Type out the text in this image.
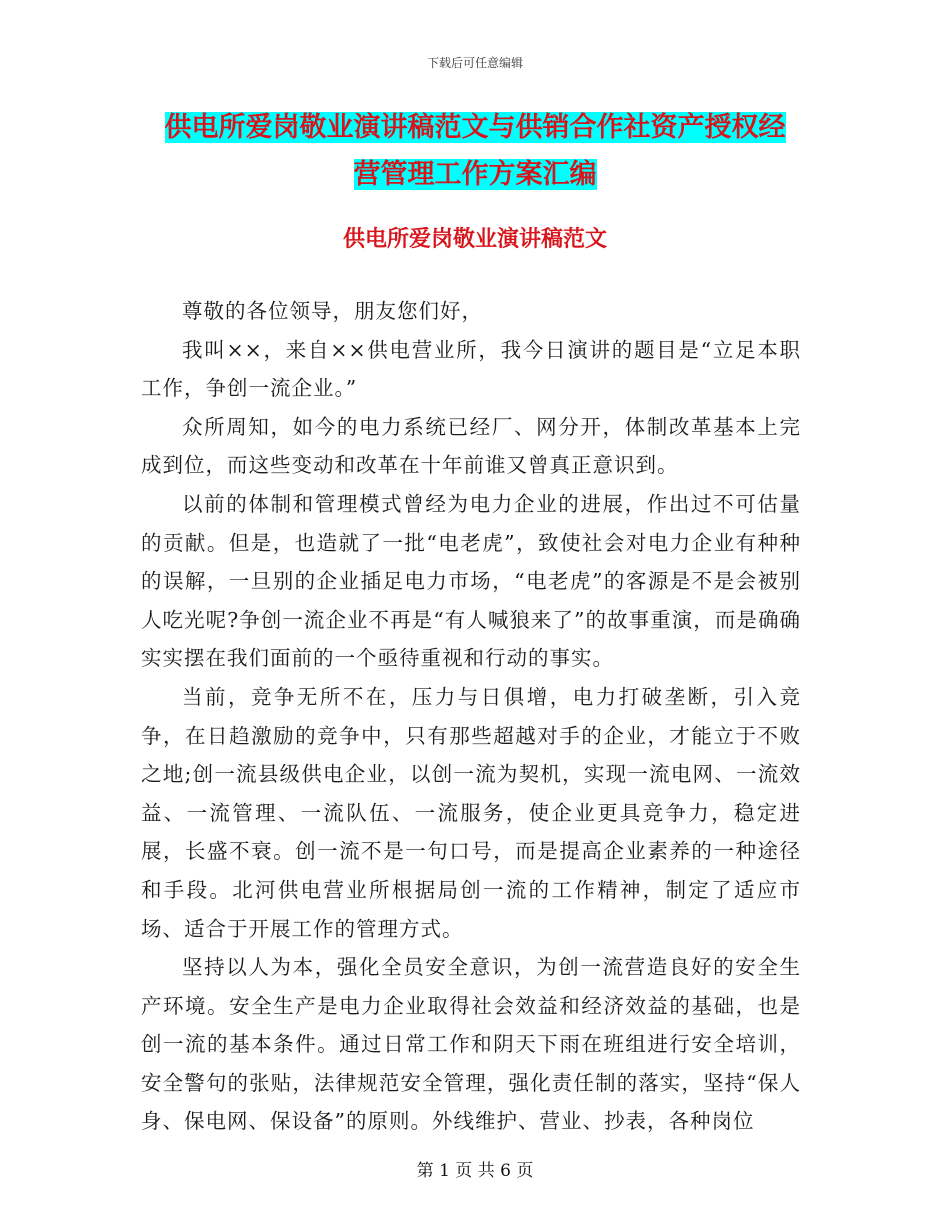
下载后可任意编辑
供电所爱岗敬业演讲稿范文与供销合作社资产授权经
营管理工作方案汇编
供电所爱岗敬业演讲稿范文

尊敬的各位领导，朋友您们好，

我叫××，来自××供电营业所，我今日演讲的题目是“立足本职工作，争创一流企业。”

众所周知，如今的电力系统已经厂、网分开，体制改革基本上完成到位，而这些变动和改革在十年前谁又曾真正意识到。

以前的体制和管理模式曾经为电力企业的进展，作出过不可估量的贡献。但是，也造就了一批“电老虎”，致使社会对电力企业有种种的误解，一旦别的企业插足电力市场，“电老虎”的客源是不是会被别人吃光呢?争创一流企业不再是“有人喊狼来了”的故事重演，而是确确实实摆在我们面前的一个亟待重视和行动的事实。

当前，竞争无所不在，压力与日俱增，电力打破垄断，引入竞争，在日趋激励的竞争中，只有那些超越对手的企业，才能立于不败之地;创一流县级供电企业，以创一流为契机，实现一流电网、一流效益、一流管理、一流队伍、一流服务，使企业更具竞争力，稳定进展，长盛不衰。创一流不是一句口号，而是提高企业素养的一种途径和手段。北河供电营业所根据局创一流的工作精神，制定了适应市场、适合于开展工作的管理方式。

坚持以人为本，强化全员安全意识，为创一流营造良好的安全生产环境。安全生产是电力企业取得社会效益和经济效益的基础，也是创一流的基本条件。通过日常工作和阴天下雨在班组进行安全培训，安全警句的张贴，法律规范安全管理，强化责任制的落实，坚持“保人身、保电网、保设备”的原则。外线维护、营业、抄表，各种岗位

第 1 页 共 6 页
